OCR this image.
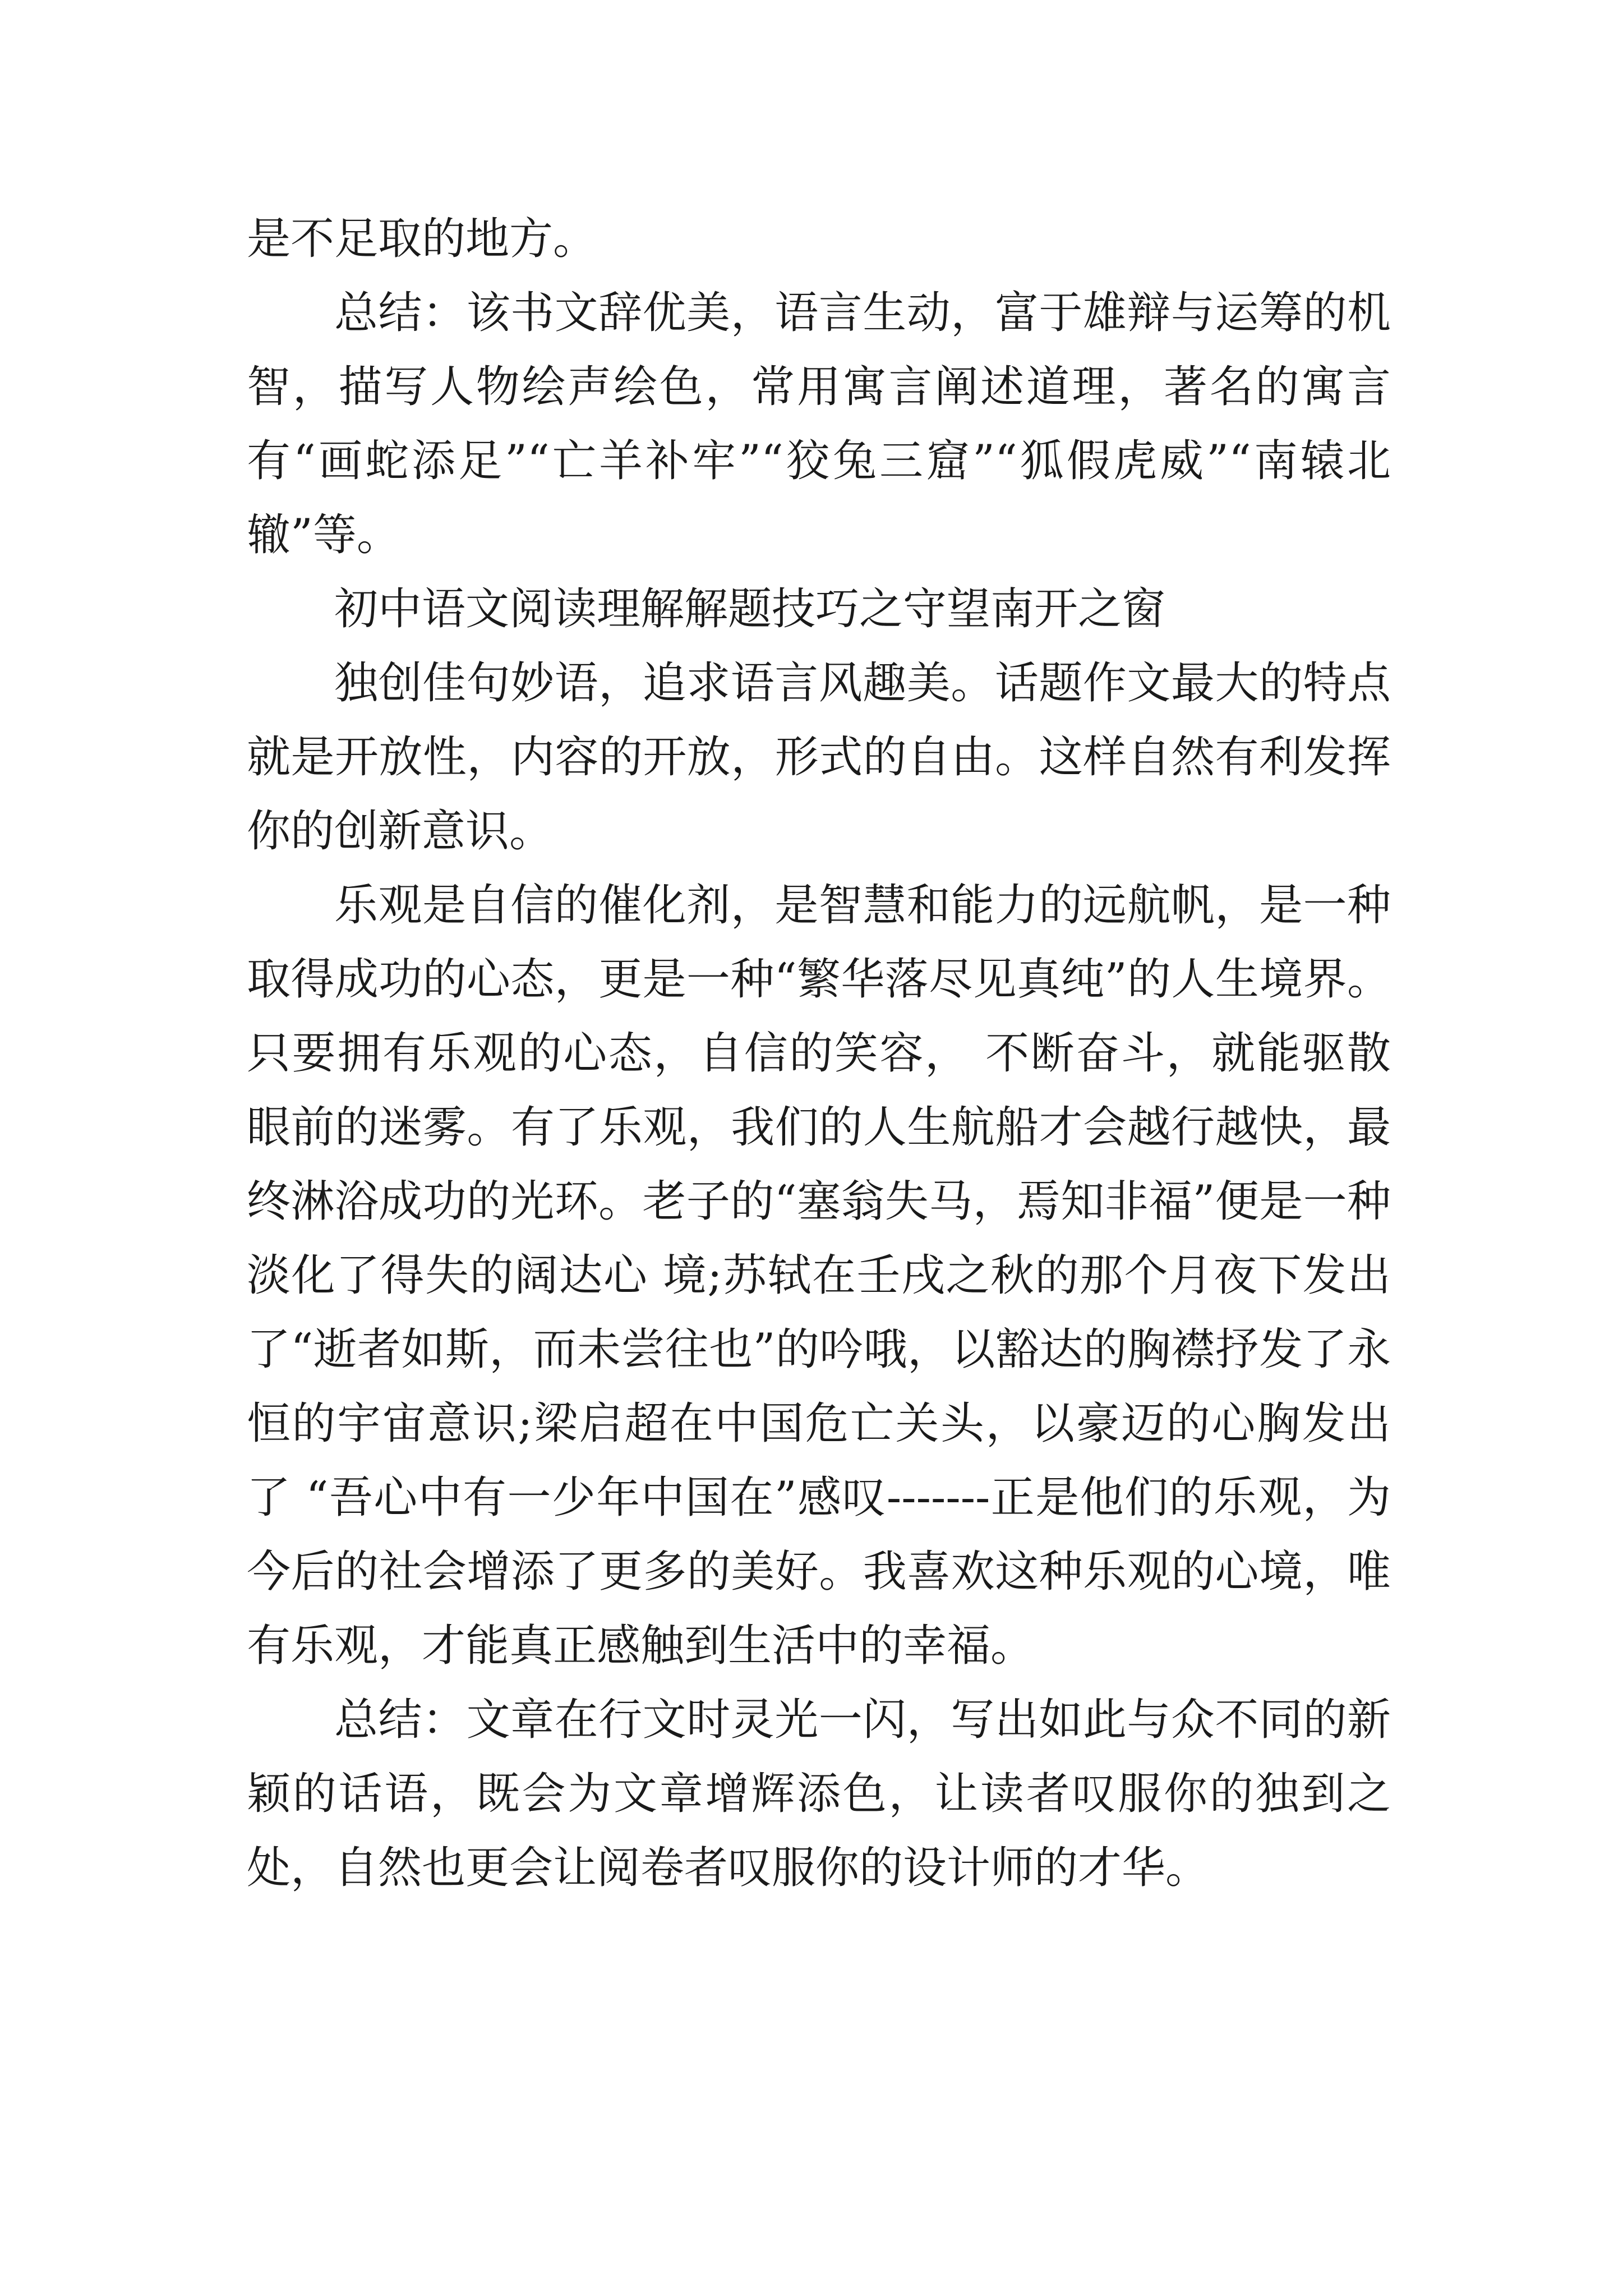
是不足取的地方。

总结：该书文辞优美，语言生动，富于雄辩与运筹的机智，描写人物绘声绘色，常用寓言阐述道理，著名的寓言有“画蛇添足”“亡羊补牢”“狡兔三窟”“狐假虎威”“南辕北辙”等。

初中语文阅读理解解题技巧之守望南开之窗

独创佳句妙语，追求语言风趣美。话题作文最大的特点就是开放性，内容的开放，形式的自由。这样自然有利发挥你的创新意识。

乐观是自信的催化剂，是智慧和能力的远航帆，是一种取得成功的心态，更是一种“繁华落尽见真纯”的人生境界。只要拥有乐观的心态，自信的笑容， 不断奋斗，就能驱散眼前的迷雾。有了乐观，我们的人生航船才会越行越快，最终淋浴成功的光环。老子的“塞翁失马，焉知非福”便是一种淡化了得失的阔达心 境;苏轼在壬戌之秋的那个月夜下发出了“逝者如斯，而未尝往也”的吟哦，以豁达的胸襟抒发了永恒的宇宙意识;梁启超在中国危亡关头，以豪迈的心胸发出了 “吾心中有一少年中国在”感叹-------正是他们的乐观，为今后的社会增添了更多的美好。我喜欢这种乐观的心境，唯有乐观，才能真正感触到生活中的幸福。

总结：文章在行文时灵光一闪，写出如此与众不同的新颖的话语，既会为文章增辉添色，让读者叹服你的独到之处，自然也更会让阅卷者叹服你的设计师的才华。
